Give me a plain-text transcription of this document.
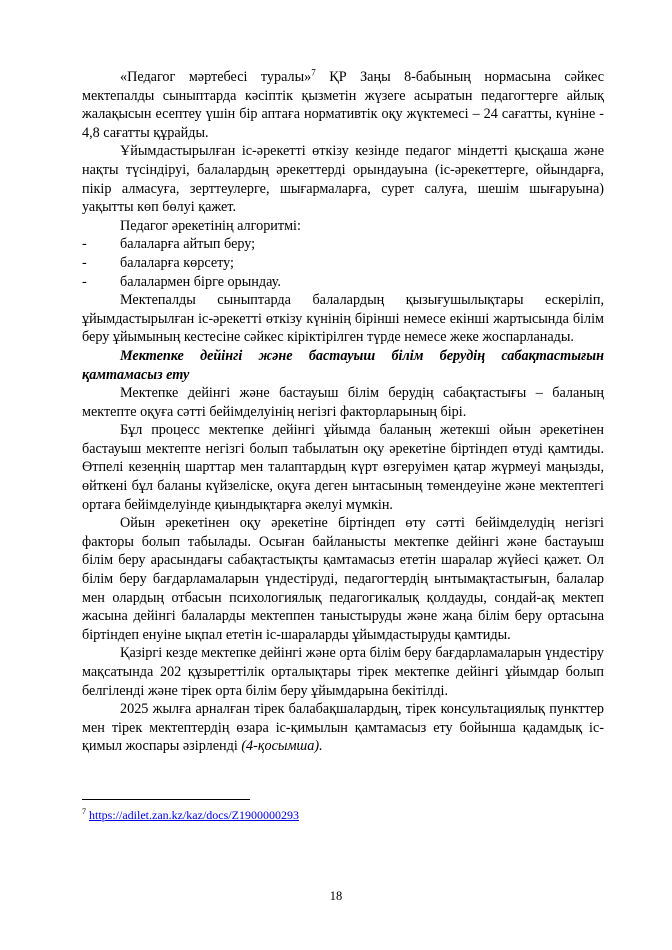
«Педагог мәртебесі туралы»$^7$ ҚР Заңы 8-бабының нормасына сәйкес мектепалды сыныптарда кәсіптік қызметін жүзеге асыратын педагогтерге айлық жалақысын есептеу үшін бір аптаға нормативтік оқу жүктемесі – 24 сағатты, күніне - 4,8 сағатты құрайды.

Ұйымдастырылған іс-әрекетті өткізу кезінде педагог міндетті қысқаша және нақты түсіндіруі, балалардың әрекеттерді орындауына (іс-әрекеттерге, ойындарға, пікір алмасуға, зерттеулерге, шығармаларға, сурет салуға, шешім шығаруына) уақытты көп бөлуі қажет.

Педагог әрекетінің алгоритмі:

-	балаларға айтып беру;
-	балаларға көрсету;
-	балалармен бірге орындау.

Мектепалды сыныптарда балалардың қызығушылықтары ескеріліп, ұйымдастырылған іс-әрекетті өткізу күнінің бірінші немесе екінші жартысында білім беру ұйымының кестесіне сәйкес кіріктірілген түрде немесе жеке жоспарланады.

Мектепке дейінгі және бастауыш білім берудің сабақтастығын қамтамасыз ету

Мектепке дейінгі және бастауыш білім берудің сабақтастығы – баланың мектепте оқуға сәтті бейімделуінің негізгі факторларының бірі.

Бұл процесс мектепке дейінгі ұйымда баланың жетекші ойын әрекетінен бастауыш мектепте негізгі болып табылатын оқу әрекетіне біртіндеп өтуді қамтиды. Өтпелі кезеңнің шарттар мен талаптардың күрт өзгеруімен қатар жүрмеуі маңызды, өйткені бұл баланы күйзеліске, оқуға деген ынтасының төмендеуіне және мектептегі ортаға бейімделуінде қиындықтарға әкелуі мүмкін.

Ойын әрекетінен оқу әрекетіне біртіндеп өту сәтті бейімделудің негізгі факторы болып табылады. Осыған байланысты мектепке дейінгі және бастауыш білім беру арасындағы сабақтастықты қамтамасыз ететін шаралар жүйесі қажет. Ол білім беру бағдарламаларын үндестіруді, педагогтердің ынтымақтастығын, балалар мен олардың отбасын психологиялық педагогикалық қолдауды, сондай-ақ мектеп жасына дейінгі балаларды мектеппен таныстыруды және жаңа білім беру ортасына біртіндеп енуіне ықпал ететін іс-шараларды ұйымдастыруды қамтиды.

Қазіргі кезде мектепке дейінгі және орта білім беру бағдарламаларын үндестіру мақсатында 202 құзыреттілік орталықтары тірек мектепке дейінгі ұйымдар болып белгіленді және тірек орта білім беру ұйымдарына бекітілді.

2025 жылға арналған тірек балабақшалардың, тірек консультациялық пункттер мен тірек мектептердің өзара іс-қимылын қамтамасыз ету бойынша қадамдық іс-қимыл жоспары әзірленді (4-қосымша).

$^7$ https://adilet.zan.kz/kaz/docs/Z1900000293
18
